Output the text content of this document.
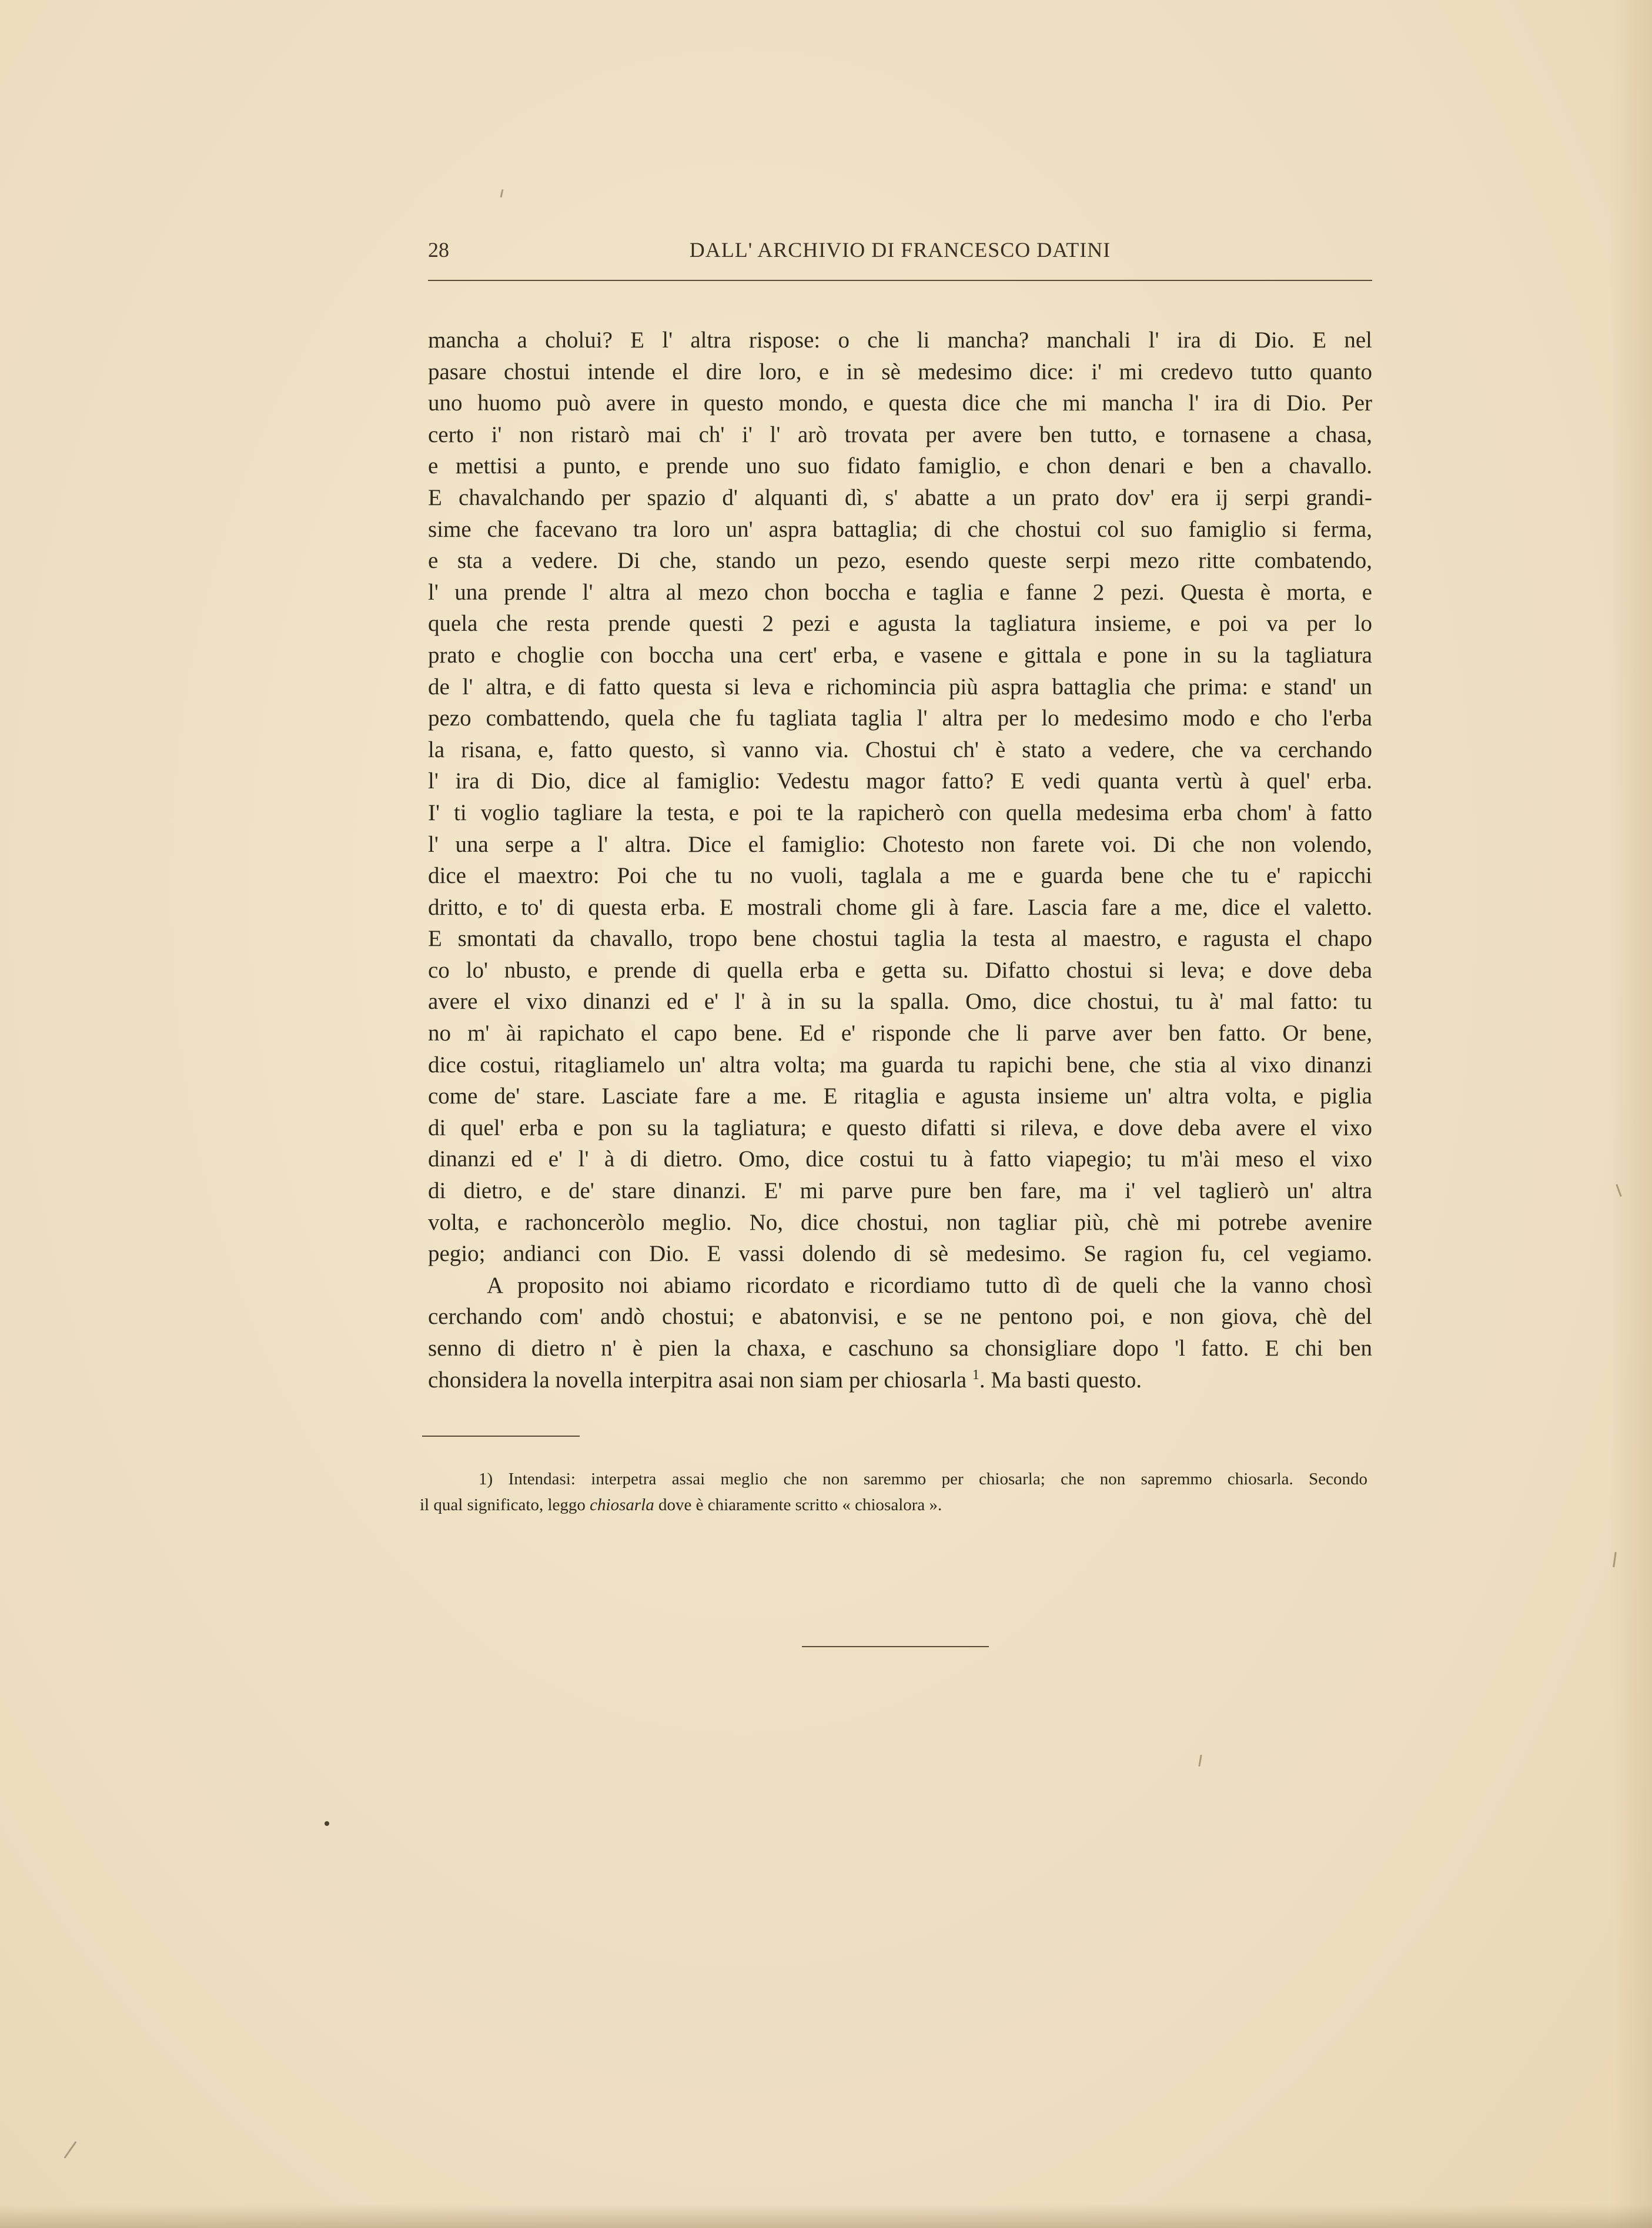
28	DALL' ARCHIVIO DI FRANCESCO DATINI
mancha a cholui? E l' altra rispose: o che li mancha? manchali l' ira di Dio. E nel
pasare chostui intende el dire loro, e in sè medesimo dice: i' mi credevo tutto quanto
uno huomo può avere in questo mondo, e questa dice che mi mancha l' ira di Dio. Per
certo i' non ristarò mai ch' i' l' arò trovata per avere ben tutto, e tornasene a chasa,
e mettisi a punto, e prende uno suo fidato famiglio, e chon denari e ben a chavallo.
E chavalchando per spazio d' alquanti dì, s' abatte a un prato dov' era ij serpi grandi-
sime che facevano tra loro un' aspra battaglia; di che chostui col suo famiglio si ferma,
e sta a vedere. Di che, stando un pezo, esendo queste serpi mezo ritte combatendo,
l' una prende l' altra al mezo chon boccha e taglia e fanne 2 pezi. Questa è morta, e
quela che resta prende questi 2 pezi e agusta la tagliatura insieme, e poi va per lo
prato e choglie con boccha una cert' erba, e vasene e gittala e pone in su la tagliatura
de l' altra, e di fatto questa si leva e richomincia più aspra battaglia che prima: e stand' un
pezo combattendo, quela che fu tagliata taglia l' altra per lo medesimo modo e cho l'erba
la risana, e, fatto questo, sì vanno via. Chostui ch' è stato a vedere, che va cerchando
l' ira di Dio, dice al famiglio: Vedestu magor fatto? E vedi quanta vertù à quel' erba.
I' ti voglio tagliare la testa, e poi te la rapicherò con quella medesima erba chom' à fatto
l' una serpe a l' altra. Dice el famiglio: Chotesto non farete voi. Di che non volendo,
dice el maextro: Poi che tu no vuoli, taglala a me e guarda bene che tu e' rapicchi
dritto, e to' di questa erba. E mostrali chome gli à fare. Lascia fare a me, dice el valetto.
E smontati da chavallo, tropo bene chostui taglia la testa al maestro, e ragusta el chapo
co lo' nbusto, e prende di quella erba e getta su. Difatto chostui si leva; e dove deba
avere el vixo dinanzi ed e' l' à in su la spalla. Omo, dice chostui, tu à' mal fatto: tu
no m' ài rapichato el capo bene. Ed e' risponde che li parve aver ben fatto. Or bene,
dice costui, ritagliamelo un' altra volta; ma guarda tu rapichi bene, che stia al vixo dinanzi
come de' stare. Lasciate fare a me. E ritaglia e agusta insieme un' altra volta, e piglia
di quel' erba e pon su la tagliatura; e questo difatti si rileva, e dove deba avere el vixo
dinanzi ed e' l' à di dietro. Omo, dice costui tu à fatto viapegio; tu m'ài meso el vixo
di dietro, e de' stare dinanzi. E' mi parve pure ben fare, ma i' vel taglierò un' altra
volta, e rachonceròlo meglio. No, dice chostui, non tagliar più, chè mi potrebe avenire
pegio; andianci con Dio. E vassi dolendo di sè medesimo. Se ragion fu, cel vegiamo.
A proposito noi abiamo ricordato e ricordiamo tutto dì de queli che la vanno chosì
cerchando com' andò chostui; e abatonvisi, e se ne pentono poi, e non giova, chè del
senno di dietro n' è pien la chaxa, e caschuno sa chonsigliare dopo 'l fatto. E chi ben
chonsidera la novella interpitra asai non siam per chiosarla $^1$. Ma basti questo.
1) Intendasi: interpetra assai meglio che non saremmo per chiosarla; che non sapremmo chiosarla. Secondo
il qual significato, leggo chiosarla dove è chiaramente scritto « chiosalora ».
